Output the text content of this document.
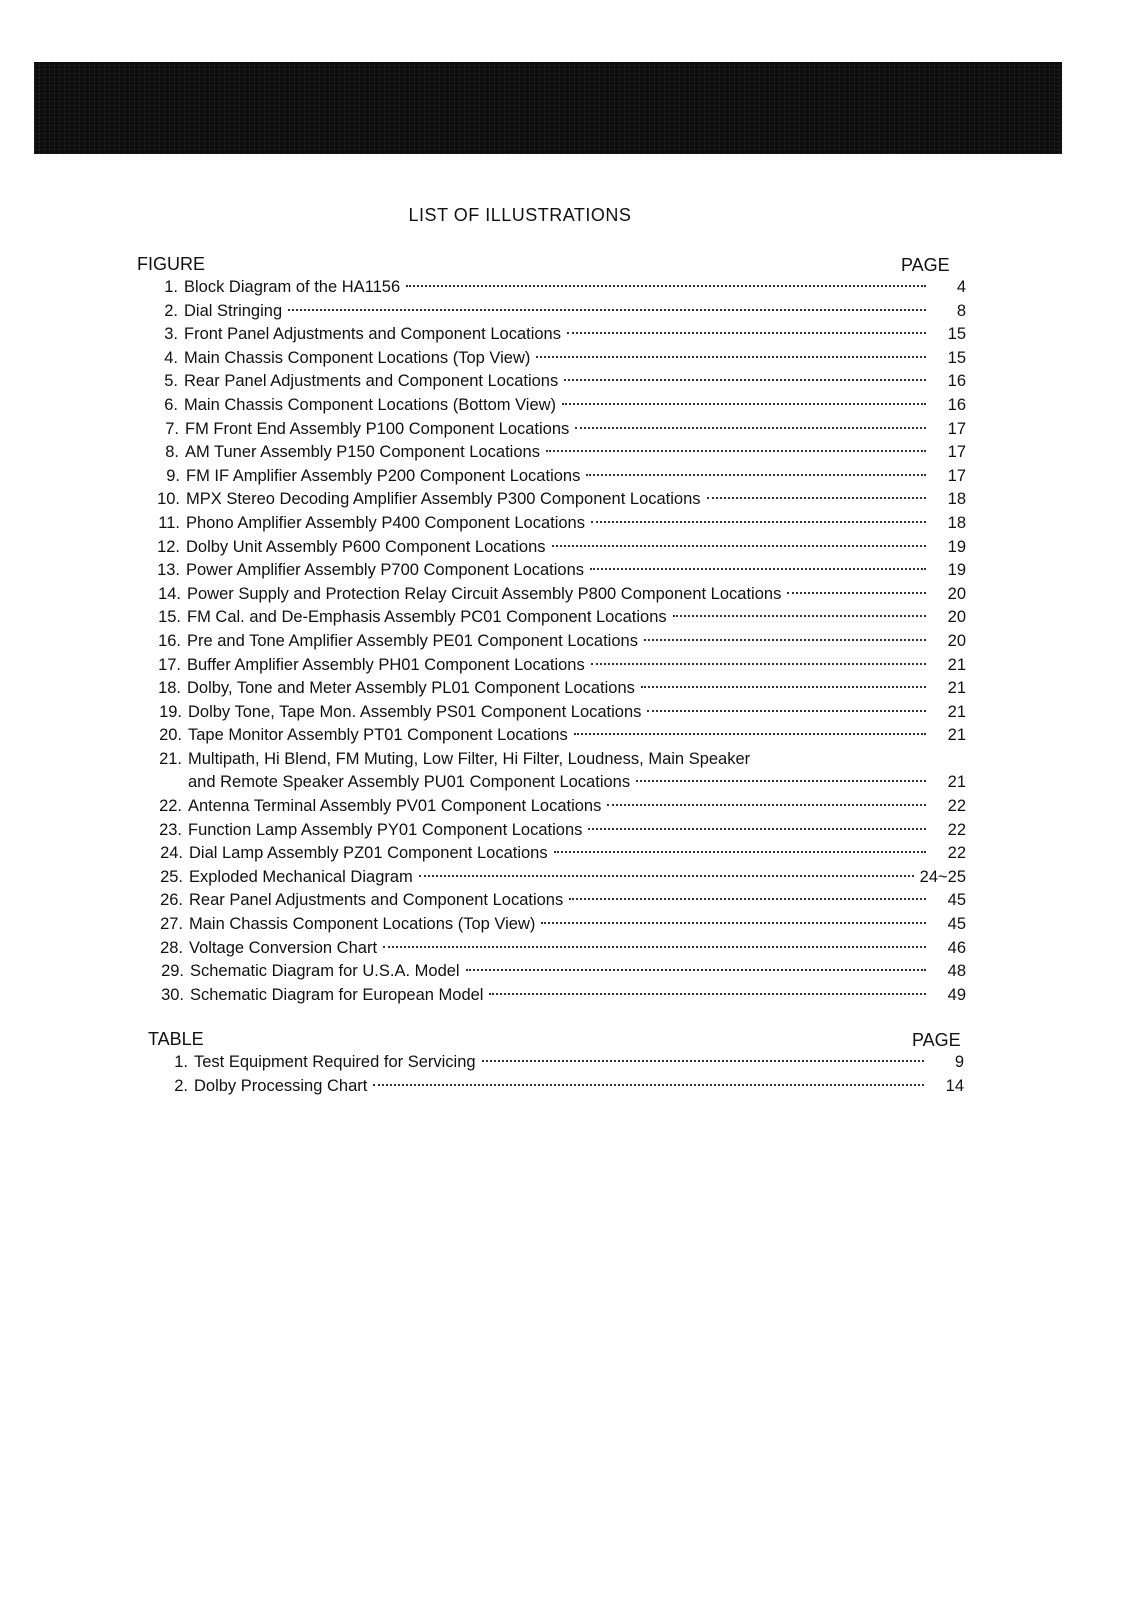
LIST OF ILLUSTRATIONS
FIGURE	PAGE
1. Block Diagram of the HA1156	4
2. Dial Stringing	8
3. Front Panel Adjustments and Component Locations	15
4. Main Chassis Component Locations (Top View)	15
5. Rear Panel Adjustments and Component Locations	16
6. Main Chassis Component Locations (Bottom View)	16
7. FM Front End Assembly P100 Component Locations	17
8. AM Tuner Assembly P150 Component Locations	17
9. FM IF Amplifier Assembly P200 Component Locations	17
10. MPX Stereo Decoding Amplifier Assembly P300 Component Locations	18
11. Phono Amplifier Assembly P400 Component Locations	18
12. Dolby Unit Assembly P600 Component Locations	19
13. Power Amplifier Assembly P700 Component Locations	19
14. Power Supply and Protection Relay Circuit Assembly P800 Component Locations	20
15. FM Cal. and De-Emphasis Assembly PC01 Component Locations	20
16. Pre and Tone Amplifier Assembly PE01 Component Locations	20
17. Buffer Amplifier Assembly PH01 Component Locations	21
18. Dolby, Tone and Meter Assembly PL01 Component Locations	21
19. Dolby Tone, Tape Mon. Assembly PS01 Component Locations	21
20. Tape Monitor Assembly PT01 Component Locations	21
21. Multipath, Hi Blend, FM Muting, Low Filter, Hi Filter, Loudness, Main Speaker
and Remote Speaker Assembly PU01 Component Locations	21
22. Antenna Terminal Assembly PV01 Component Locations	22
23. Function Lamp Assembly PY01 Component Locations	22
24. Dial Lamp Assembly PZ01 Component Locations	22
25. Exploded Mechanical Diagram	24~25
26. Rear Panel Adjustments and Component Locations	45
27. Main Chassis Component Locations (Top View)	45
28. Voltage Conversion Chart	46
29. Schematic Diagram for U.S.A. Model	48
30. Schematic Diagram for European Model	49
TABLE	PAGE
1. Test Equipment Required for Servicing	9
2. Dolby Processing Chart	14
